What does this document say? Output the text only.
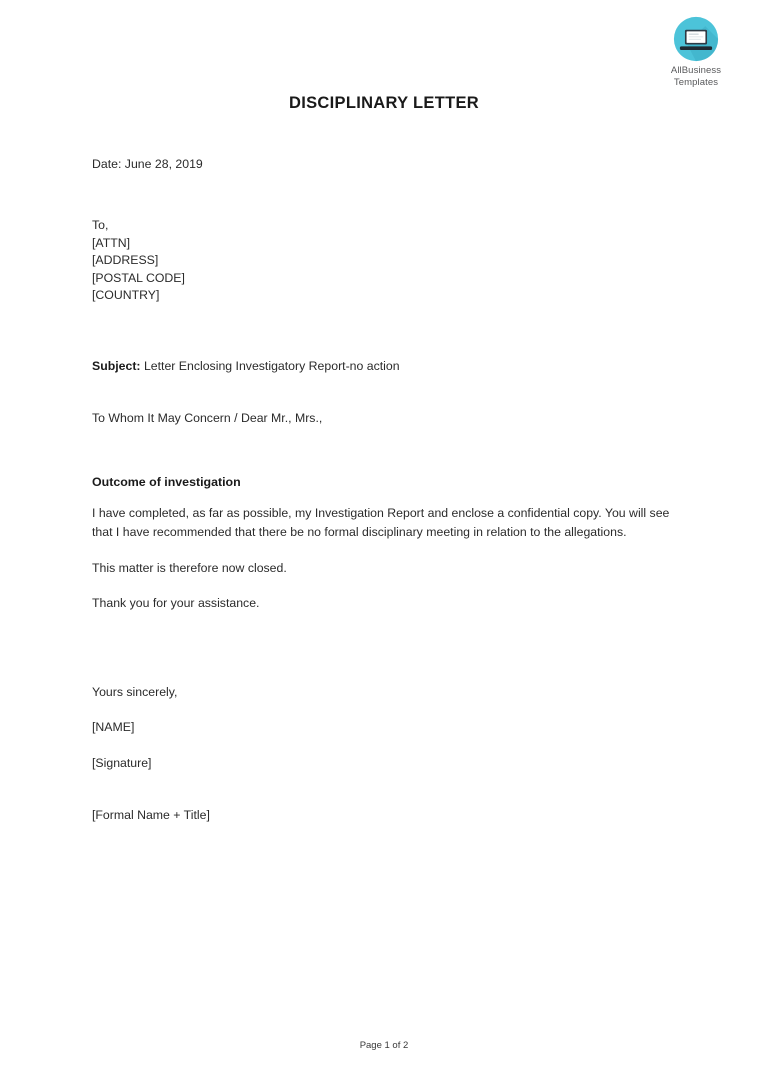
AllBusiness
Templates
DISCIPLINARY LETTER
Date: June 28, 2019
To,
[ATTN]
[ADDRESS]
[POSTAL CODE]
[COUNTRY]
Subject: Letter Enclosing Investigatory Report-no action
To Whom It May Concern / Dear Mr., Mrs.,
Outcome of investigation

I have completed, as far as possible, my Investigation Report and enclose a confidential copy. You will see that I have recommended that there be no formal disciplinary meeting in relation to the allegations.

This matter is therefore now closed.

Thank you for your assistance.

Yours sincerely,

[NAME]

[Signature]

[Formal Name + Title]
Page 1 of 2
